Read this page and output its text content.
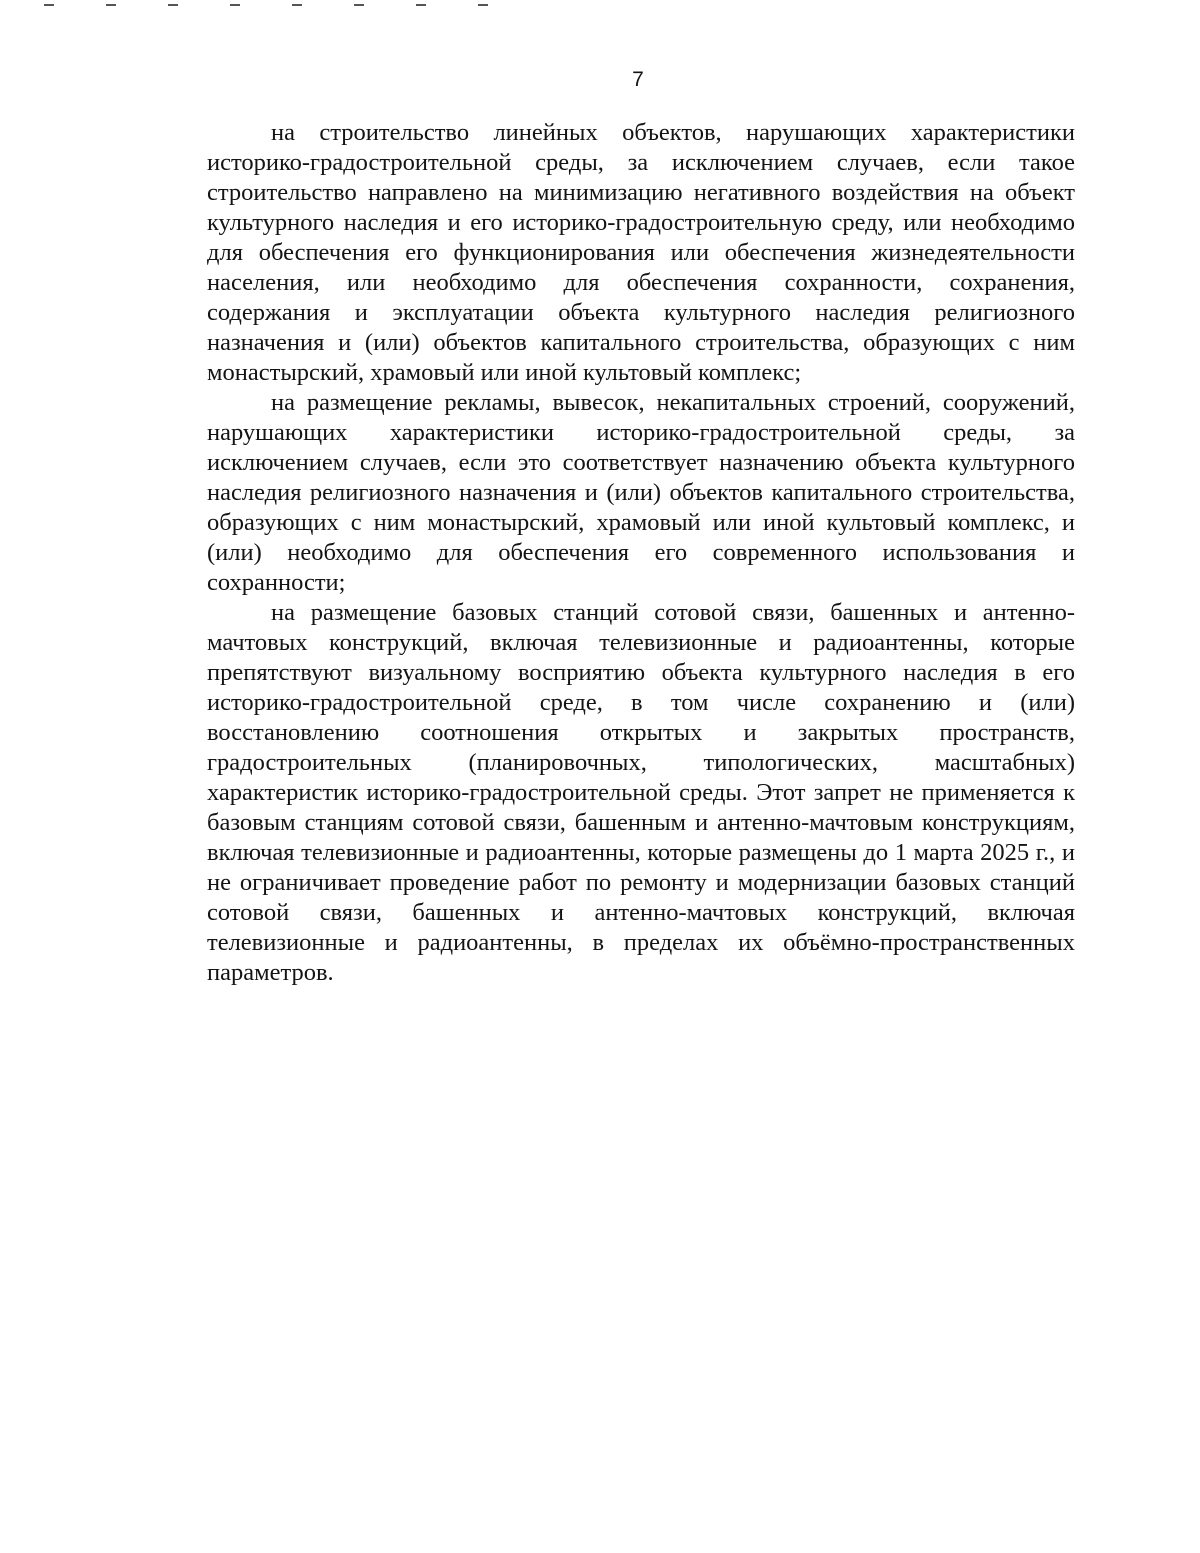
7

на строительство линейных объектов, нарушающих характеристики историко-градостроительной среды, за исключением случаев, если такое строительство направлено на минимизацию негативного воздействия на объект культурного наследия и его историко-градостроительную среду, или необходимо для обеспечения его функционирования или обеспечения жизнедеятельности населения, или необходимо для обеспечения сохранности, сохранения, содержания и эксплуатации объекта культурного наследия религиозного назначения и (или) объектов капитального строительства, образующих с ним монастырский, храмовый или иной культовый комплекс;

на размещение рекламы, вывесок, некапитальных строений, сооружений, нарушающих характеристики историко-градостроительной среды, за исключением случаев, если это соответствует назначению объекта культурного наследия религиозного назначения и (или) объектов капитального строительства, образующих с ним монастырский, храмовый или иной культовый комплекс, и (или) необходимо для обеспечения его современного использования и сохранности;

на размещение базовых станций сотовой связи, башенных и антенно-мачтовых конструкций, включая телевизионные и радиоантенны, которые препятствуют визуальному восприятию объекта культурного наследия в его историко-градостроительной среде, в том числе сохранению и (или) восстановлению соотношения открытых и закрытых пространств, градостроительных (планировочных, типологических, масштабных) характеристик историко-градостроительной среды. Этот запрет не применяется к базовым станциям сотовой связи, башенным и антенно-мачтовым конструкциям, включая телевизионные и радиоантенны, которые размещены до 1 марта 2025 г., и не ограничивает проведение работ по ремонту и модернизации базовых станций сотовой связи, башенных и антенно-мачтовых конструкций, включая телевизионные и радиоантенны, в пределах их объёмно-пространственных параметров.
